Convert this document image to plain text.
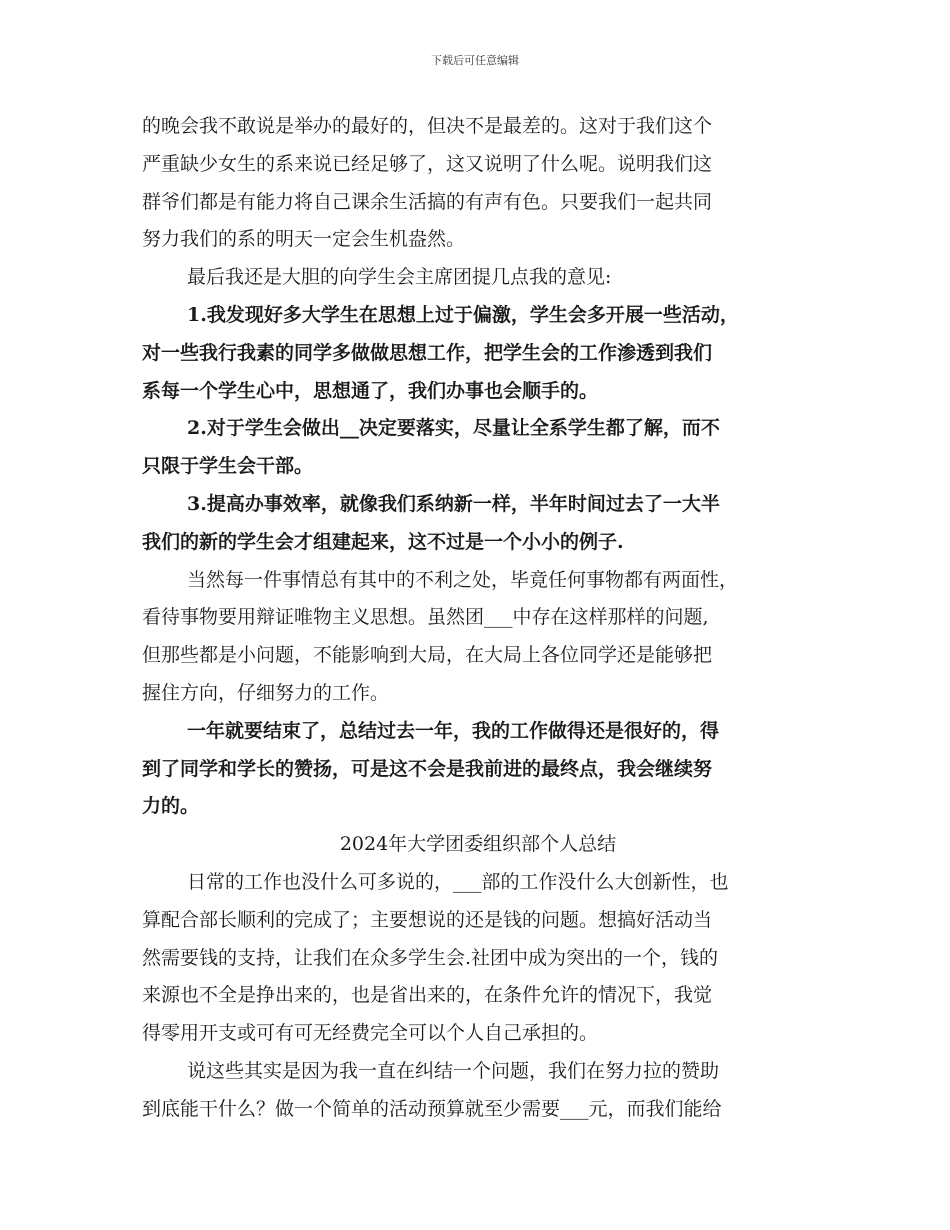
下载后可任意编辑
的晚会我不敢说是举办的最好的，但决不是最差的。这对于我们这个
严重缺少女生的系来说已经足够了，这又说明了什么呢。说明我们这
群爷们都是有能力将自己课余生活搞的有声有色。只要我们一起共同
努力我们的系的明天一定会生机盎然。
最后我还是大胆的向学生会主席团提几点我的意见:
1.我发现好多大学生在思想上过于偏激，学生会多开展一些活动，
对一些我行我素的同学多做做思想工作，把学生会的工作渗透到我们
系每一个学生心中，思想通了，我们办事也会顺手的。
2.对于学生会做出__决定要落实，尽量让全系学生都了解，而不
只限于学生会干部。
3.提高办事效率，就像我们系纳新一样，半年时间过去了一大半
我们的新的学生会才组建起来，这不过是一个小小的例子.
当然每一件事情总有其中的不利之处，毕竟任何事物都有两面性，
看待事物要用辩证唯物主义思想。虽然团___中存在这样那样的问题,
但那些都是小问题，不能影响到大局，在大局上各位同学还是能够把
握住方向，仔细努力的工作。
一年就要结束了，总结过去一年，我的工作做得还是很好的，得
到了同学和学长的赞扬，可是这不会是我前进的最终点，我会继续努
力的。
2024年大学团委组织部个人总结
日常的工作也没什么可多说的，___部的工作没什么大创新性，也
算配合部长顺利的完成了；主要想说的还是钱的问题。想搞好活动当
然需要钱的支持，让我们在众多学生会.社团中成为突出的一个，钱的
来源也不全是挣出来的，也是省出来的，在条件允许的情况下，我觉
得零用开支或可有可无经费完全可以个人自己承担的。
说这些其实是因为我一直在纠结一个问题，我们在努力拉的赞助
到底能干什么？做一个简单的活动预算就至少需要___元，而我们能给
